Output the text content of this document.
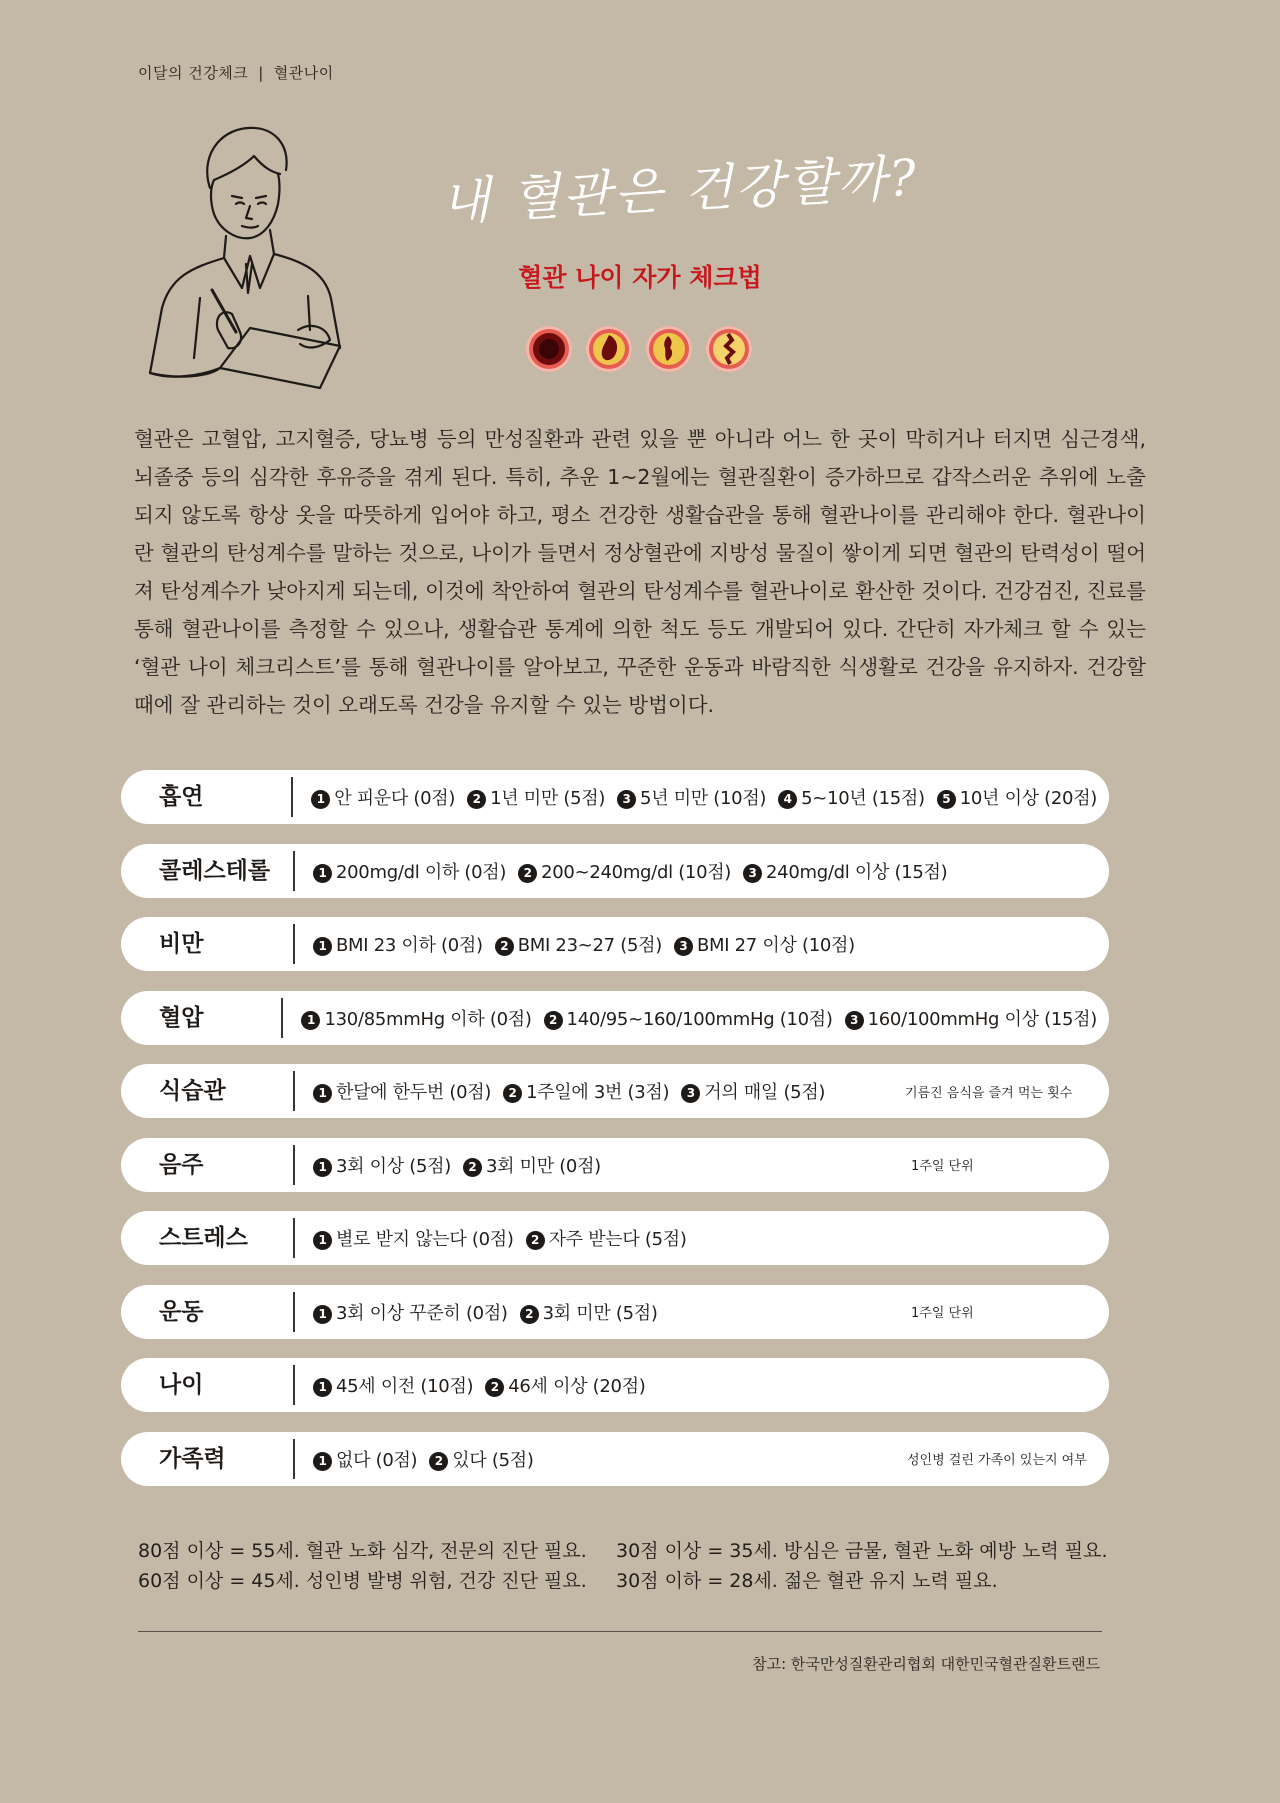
이달의 건강체크 | 혈관나이
내 혈관은 건강할까?
혈관 나이 자가 체크법

혈관은 고혈압, 고지혈증, 당뇨병 등의 만성질환과 관련 있을 뿐 아니라 어느 한 곳이 막히거나 터지면 심근경색, 뇌졸중 등의 심각한 후유증을 겪게 된다. 특히, 추운 1~2월에는 혈관질환이 증가하므로 갑작스러운 추위에 노출되지 않도록 항상 옷을 따뜻하게 입어야 하고, 평소 건강한 생활습관을 통해 혈관나이를 관리해야 한다. 혈관나이란 혈관의 탄성계수를 말하는 것으로, 나이가 들면서 정상혈관에 지방성 물질이 쌓이게 되면 혈관의 탄력성이 떨어져 탄성계수가 낮아지게 되는데, 이것에 착안하여 혈관의 탄성계수를 혈관나이로 환산한 것이다. 건강검진, 진료를 통해 혈관나이를 측정할 수 있으나, 생활습관 통계에 의한 척도 등도 개발되어 있다. 간단히 자가체크 할 수 있는 ‘혈관 나이 체크리스트’를 통해 혈관나이를 알아보고, 꾸준한 운동과 바람직한 식생활로 건강을 유지하자. 건강할 때에 잘 관리하는 것이 오래도록 건강을 유지할 수 있는 방법이다.

흡연	1 안 피운다 (0점) 2 1년 미만 (5점) 3 5년 미만 (10점) 4 5~10년 (15점) 5 10년 이상 (20점)
콜레스테롤	1 200mg/dl 이하 (0점) 2 200~240mg/dl (10점) 3 240mg/dl 이상 (15점)
비만	1 BMI 23 이하 (0점) 2 BMI 23~27 (5점) 3 BMI 27 이상 (10점)
혈압	1 130/85mmHg 이하 (0점) 2 140/95~160/100mmHg (10점) 3 160/100mmHg 이상 (15점)
식습관	1 한달에 한두번 (0점) 2 1주일에 3번 (3점) 3 거의 매일 (5점)	기름진 음식을 즐겨 먹는 횟수
음주	1 3회 이상 (5점) 2 3회 미만 (0점)	1주일 단위
스트레스	1 별로 받지 않는다 (0점) 2 자주 받는다 (5점)
운동	1 3회 이상 꾸준히 (0점) 2 3회 미만 (5점)	1주일 단위
나이	1 45세 이전 (10점) 2 46세 이상 (20점)
가족력	1 없다 (0점) 2 있다 (5점)	성인병 걸린 가족이 있는지 여부
80점 이상 = 55세. 혈관 노화 심각, 전문의 진단 필요.	30점 이상 = 35세. 방심은 금물, 혈관 노화 예방 노력 필요.
60점 이상 = 45세. 성인병 발병 위험, 건강 진단 필요.	30점 이하 = 28세. 젊은 혈관 유지 노력 필요.
참고: 한국만성질환관리협회 대한민국혈관질환트랜드
